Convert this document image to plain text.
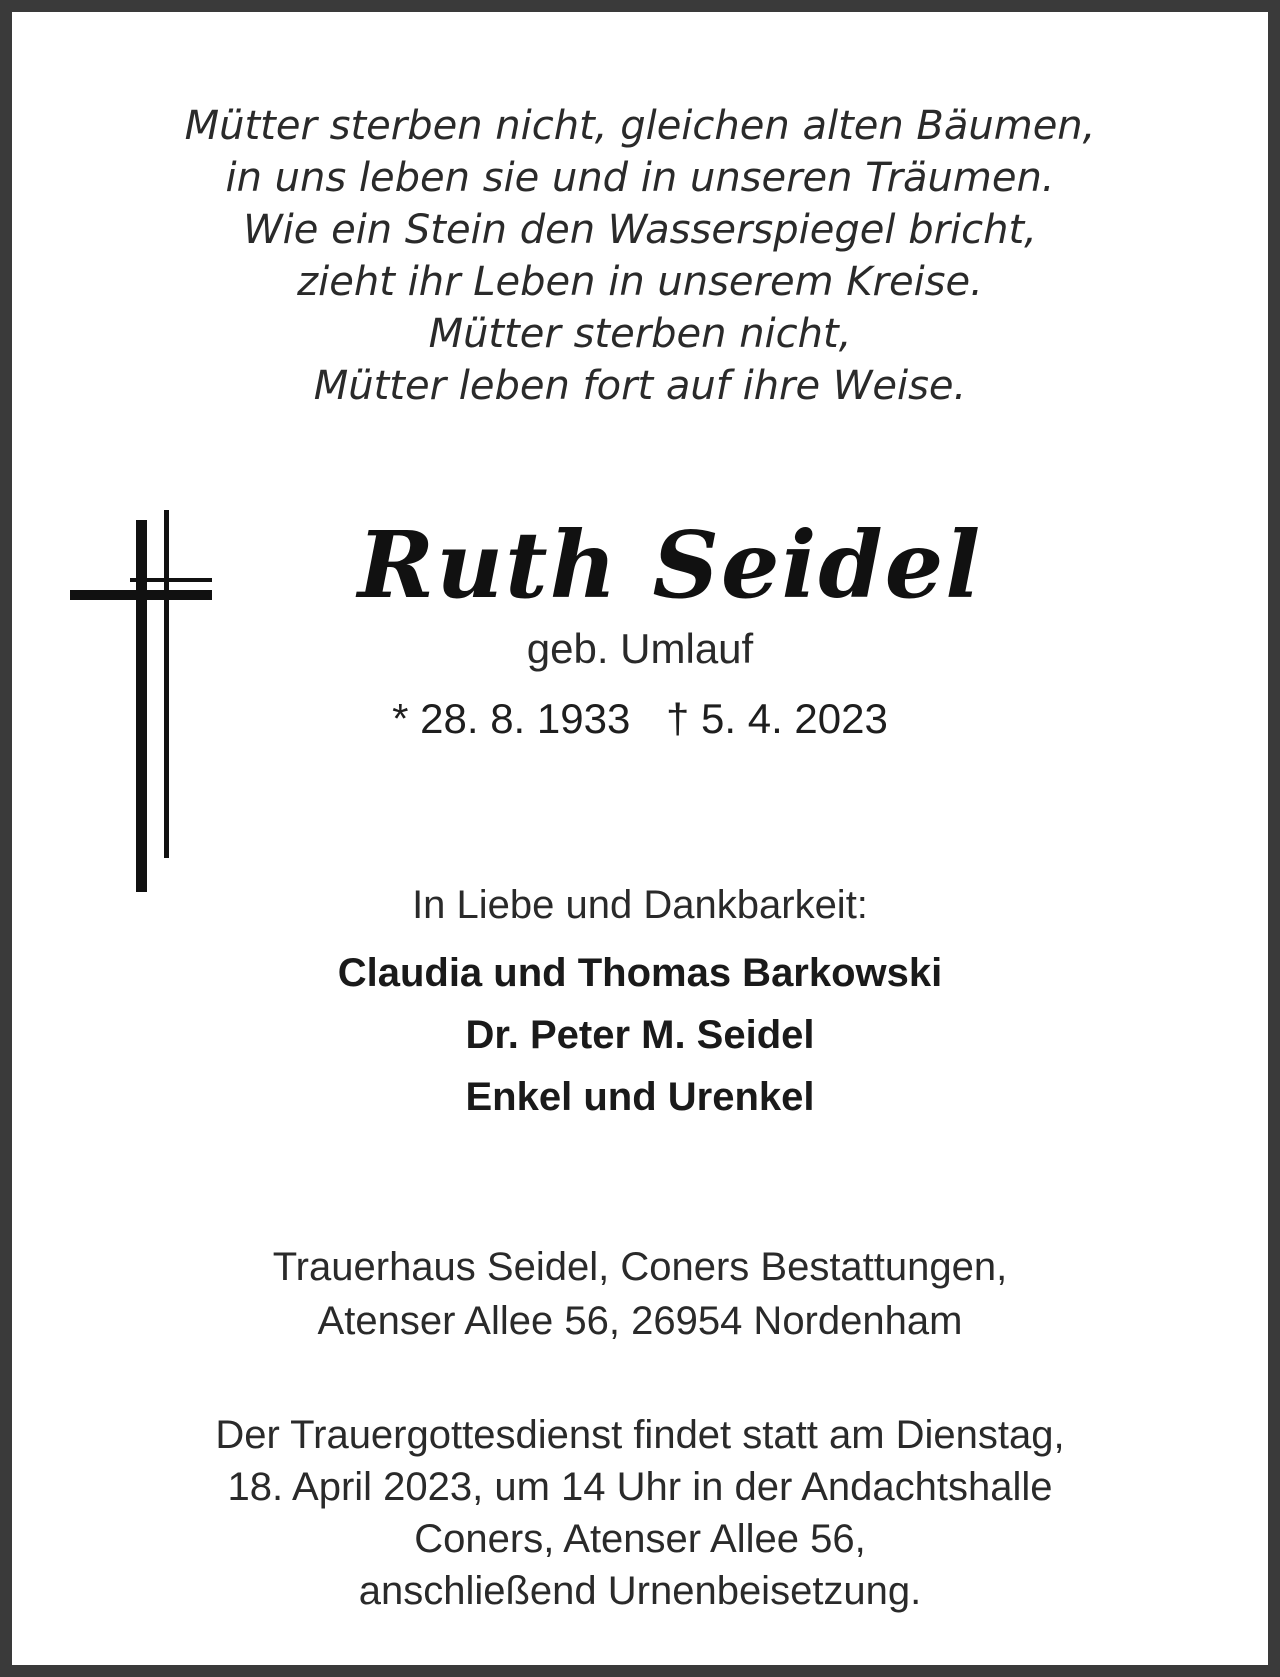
Mütter sterben nicht, gleichen alten Bäumen,
in uns leben sie und in unseren Träumen.
Wie ein Stein den Wasserspiegel bricht,
zieht ihr Leben in unserem Kreise.
Mütter sterben nicht,
Mütter leben fort auf ihre Weise.
Ruth Seidel
geb. Umlauf
* 28. 8. 1933 † 5. 4. 2023
In Liebe und Dankbarkeit:
Claudia und Thomas Barkowski
Dr. Peter M. Seidel
Enkel und Urenkel
Trauerhaus Seidel, Coners Bestattungen,
Atenser Allee 56, 26954 Nordenham
Der Trauergottesdienst findet statt am Dienstag,
18. April 2023, um 14 Uhr in der Andachtshalle
Coners, Atenser Allee 56,
anschließend Urnenbeisetzung.
